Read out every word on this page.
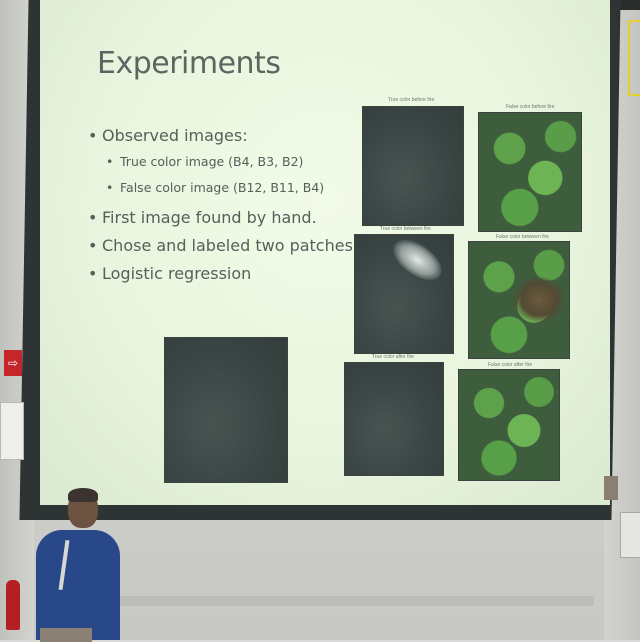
Experiments
• Observed images:
• True color image (B4, B3, B2)
• False color image (B12, B11, B4)
• First image found by hand.
• Chose and labeled two patches
• Logistic regression
True color before fire
False color before fire
True color between fire
False color between fire
True color after fire
False color after fire
⇨
